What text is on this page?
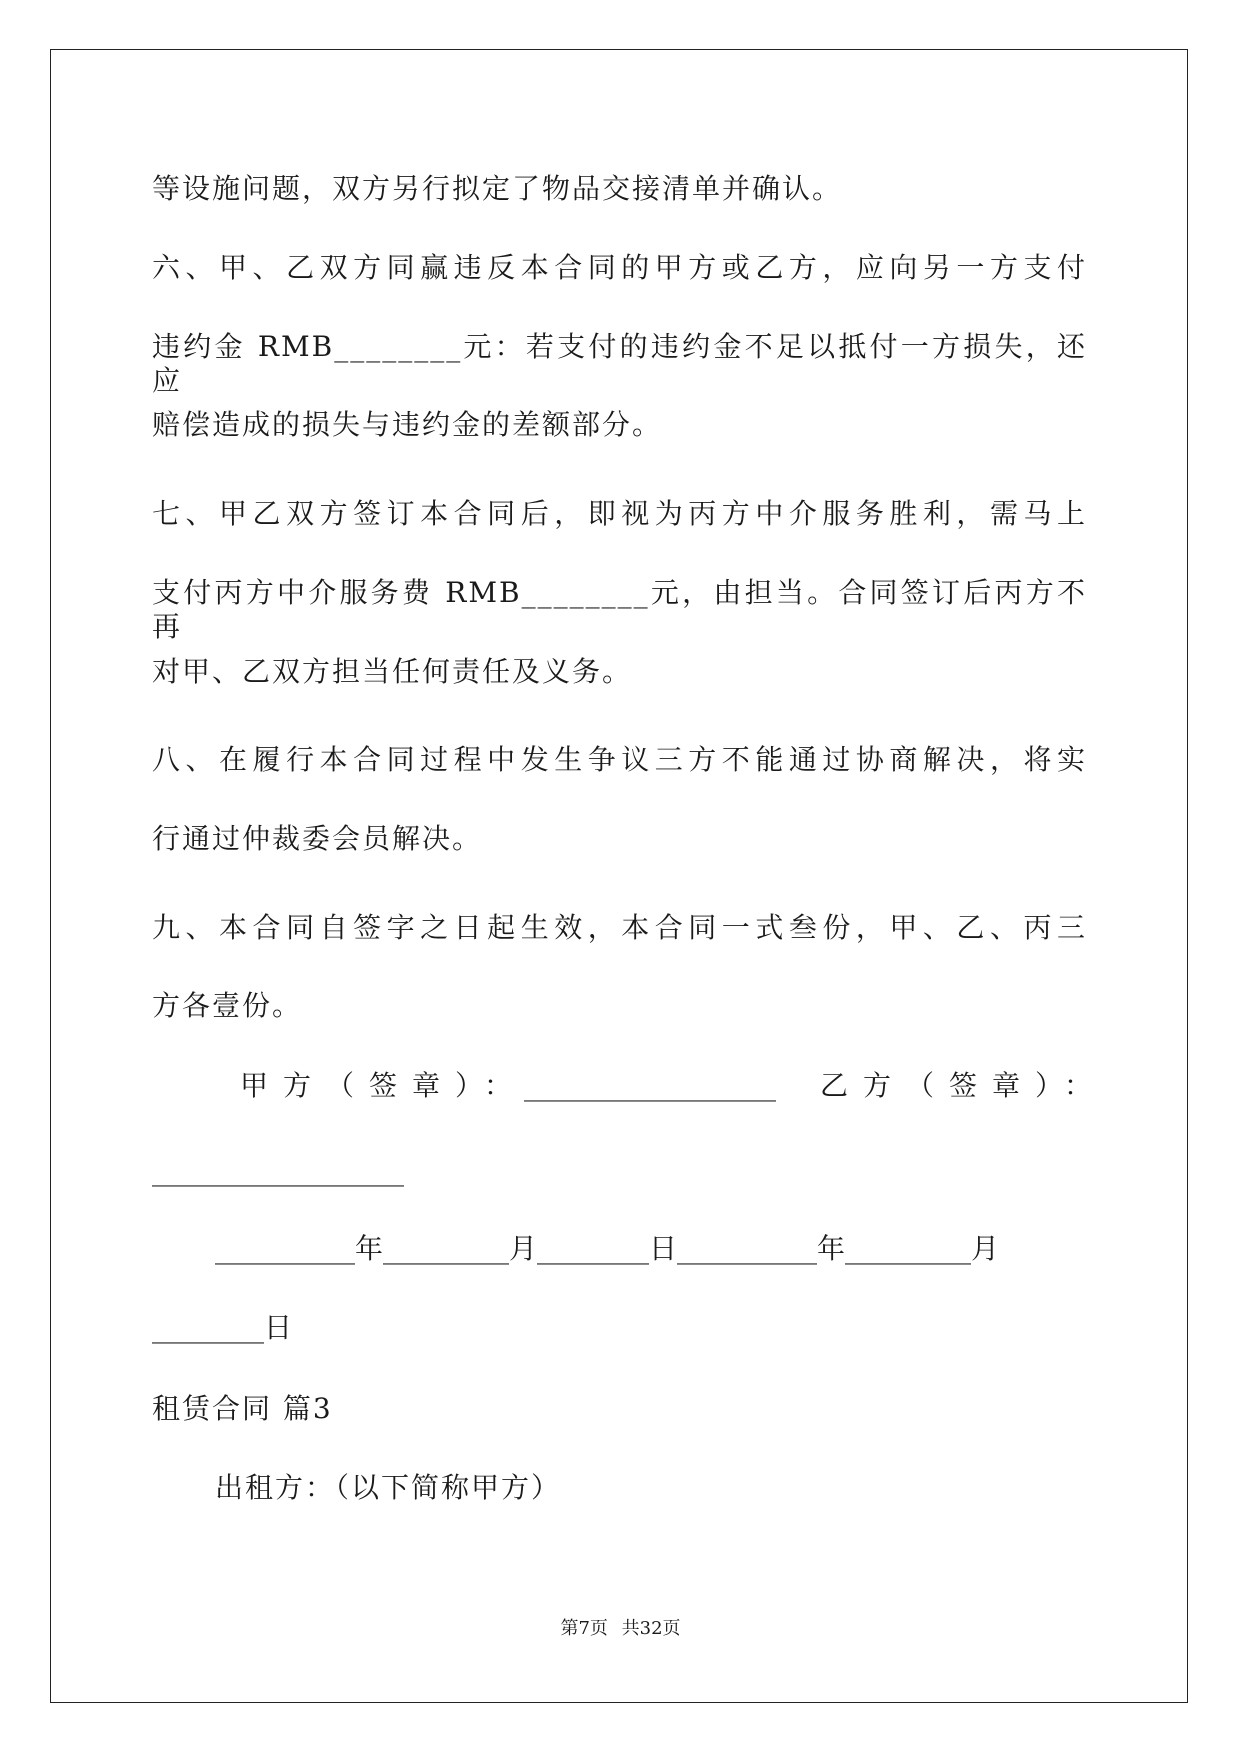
等设施问题，双方另行拟定了物品交接清单并确认。
六、甲、乙双方同赢违反本合同的甲方或乙方，应向另一方支付
违约金 RMB________元：若支付的违约金不足以抵付一方损失，还应
赔偿造成的损失与违约金的差额部分。
七、甲乙双方签订本合同后，即视为丙方中介服务胜利，需马上
支付丙方中介服务费 RMB________元，由担当。合同签订后丙方不再
对甲、乙双方担当任何责任及义务。
八、在履行本合同过程中发生争议三方不能通过协商解决，将实
行通过仲裁委会员解决。
九、本合同自签字之日起生效，本合同一式叁份，甲、乙、丙三
方各壹份。
甲方（签章）：
__________________ 乙方（签章）：
__________________
__________年_________月________日__________年_________月
________日
租赁合同 篇3
出租方：（以下简称甲方）
第7页 共32页
